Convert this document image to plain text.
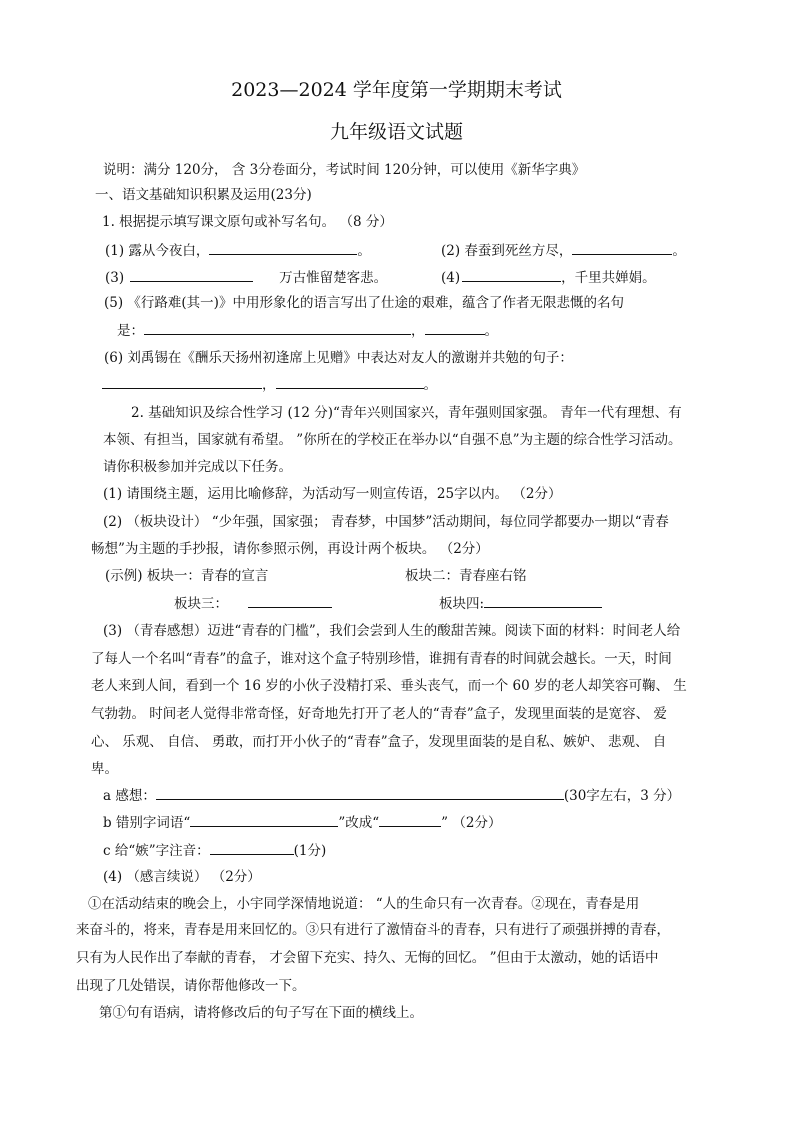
2023—2024 学年度第一学期期末考试
九年级语文试题
说明：满分 120分， 含 3分卷面分，考试时间 120分钟，可以使用《新华字典》
一、语文基础知识积累及运用(23分)
1. 根据提示填写课文原句或补写名句。 （8 分）
(1) 露从今夜白，	。	(2) 春蚕到死丝方尽，	。
(3)	万古惟留楚客悲。	(4)	，千里共婵娟。
(5) 《行路难(其一)》中用形象化的语言写出了仕途的艰难，蕴含了作者无限悲慨的名句
是：	，	。
(6) 刘禹锡在《酬乐天扬州初逢席上见赠》中表达对友人的激谢并共勉的句子：
，	。
2. 基础知识及综合性学习 (12 分)“青年兴则国家兴，青年强则国家强。 青年一代有理想、有
本领、有担当，国家就有希望。 ”你所在的学校正在举办以“自强不息”为主题的综合性学习活动。
请你积极参加并完成以下任务。
(1) 请围绕主题，运用比喻修辞，为活动写一则宣传语，25字以内。 （2分）
(2) （板块设计） “少年强，国家强； 青春梦，中国梦”活动期间，每位同学都要办一期以“青春
畅想”为主题的手抄报，请你参照示例，再设计两个板块。 （2分）
(示例) 板块一：青春的宣言	板块二：青春座右铭
板块三：	板块四:
(3) （青春感想）迈进“青春的门槛”，我们会尝到人生的酸甜苦辣。阅读下面的材料：时间老人给
了每人一个名叫“青春”的盒子，谁对这个盒子特别珍惜，谁拥有青春的时间就会越长。一天，时间
老人来到人间，看到一个 16 岁的小伙子没精打采、垂头丧气，而一个 60 岁的老人却笑容可鞠、 生
气勃勃。 时间老人觉得非常奇怪，好奇地先打开了老人的“青春”盒子，发现里面装的是宽容、 爱
心、 乐观、 自信、 勇敢，而打开小伙子的“青春”盒子，发现里面装的是自私、嫉妒、 悲观、 自
卑。
a 感想：	(30字左右，3 分）
b 错别字词语“	”改成“	” （2分）
c 给“嫉”字注音：	(1分)
(4) （感言续说） （2分）
①在活动结束的晚会上，小宇同学深情地说道： “人的生命只有一次青春。②现在，青春是用
来奋斗的，将来，青春是用来回忆的。③只有进行了激情奋斗的青春，只有进行了顽强拼搏的青春，
只有为人民作出了奉献的青春， 才会留下充实、持久、无悔的回忆。 ”但由于太激动，她的话语中
出现了几处错误，请你帮他修改一下。
第①句有语病，请将修改后的句子写在下面的横线上。
